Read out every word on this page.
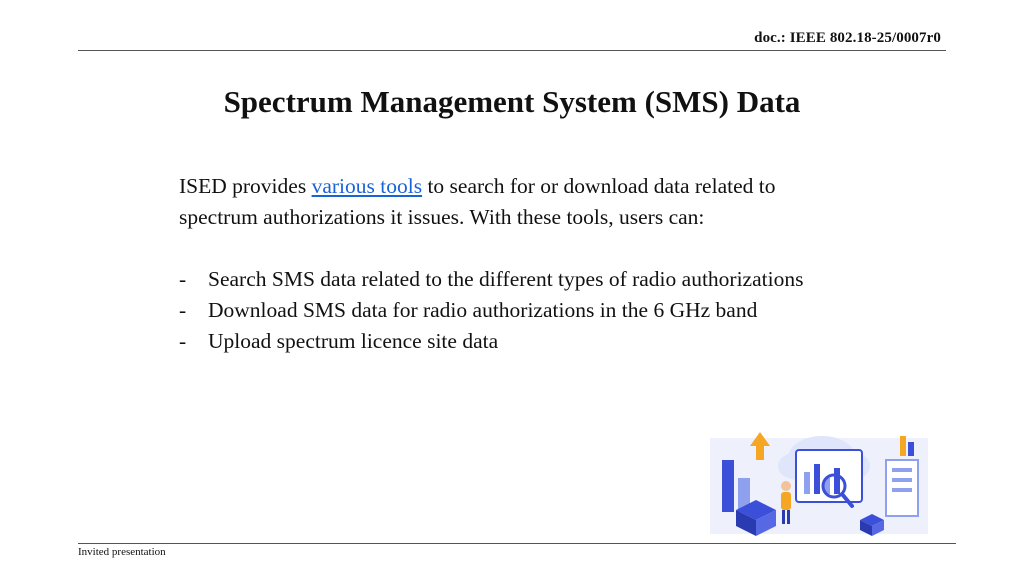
doc.: IEEE 802.18-25/0007r0
Spectrum Management System (SMS) Data

ISED provides various tools to search for or download data related to spectrum authorizations it issues. With these tools, users can:

- Search SMS data related to the different types of radio authorizations
- Download SMS data for radio authorizations in the 6 GHz band
- Upload spectrum licence site data
Invited presentation
